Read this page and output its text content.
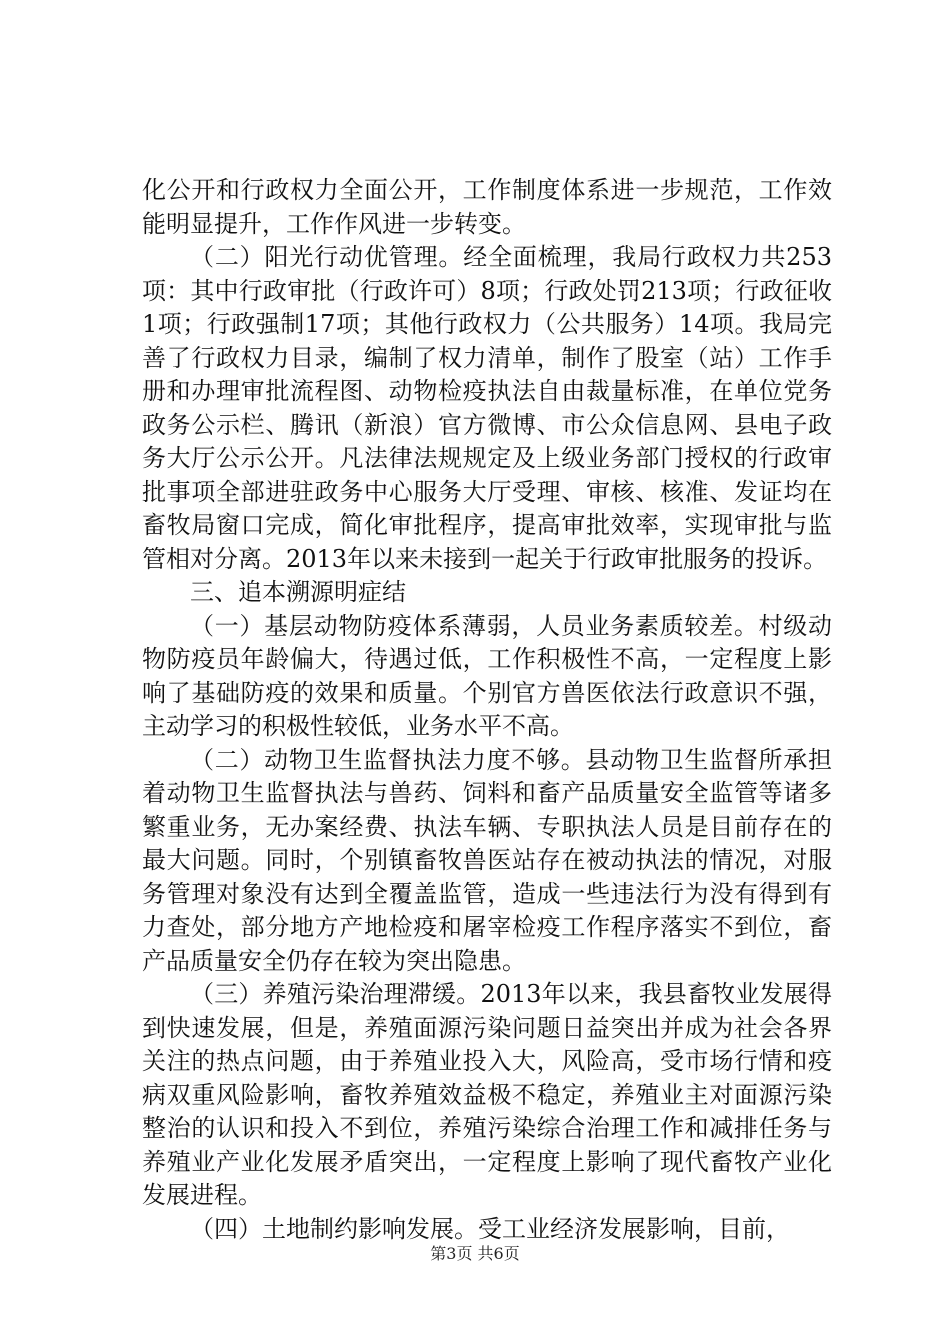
化公开和行政权力全面公开，工作制度体系进一步规范，工作效能明显提升，工作作风进一步转变。

（二）阳光行动优管理。经全面梳理，我局行政权力共253项：其中行政审批（行政许可）8项；行政处罚213项；行政征收1项；行政强制17项；其他行政权力（公共服务）14项。我局完善了行政权力目录，编制了权力清单，制作了股室（站）工作手册和办理审批流程图、动物检疫执法自由裁量标准，在单位党务政务公示栏、腾讯（新浪）官方微博、市公众信息网、县电子政务大厅公示公开。凡法律法规规定及上级业务部门授权的行政审批事项全部进驻政务中心服务大厅受理、审核、核准、发证均在畜牧局窗口完成，简化审批程序，提高审批效率，实现审批与监管相对分离。2013年以来未接到一起关于行政审批服务的投诉。

三、追本溯源明症结

（一）基层动物防疫体系薄弱，人员业务素质较差。村级动物防疫员年龄偏大，待遇过低，工作积极性不高，一定程度上影响了基础防疫的效果和质量。个别官方兽医依法行政意识不强，主动学习的积极性较低，业务水平不高。

（二）动物卫生监督执法力度不够。县动物卫生监督所承担着动物卫生监督执法与兽药、饲料和畜产品质量安全监管等诸多繁重业务，无办案经费、执法车辆、专职执法人员是目前存在的最大问题。同时，个别镇畜牧兽医站存在被动执法的情况，对服务管理对象没有达到全覆盖监管，造成一些违法行为没有得到有力查处，部分地方产地检疫和屠宰检疫工作程序落实不到位，畜产品质量安全仍存在较为突出隐患。

（三）养殖污染治理滞缓。2013年以来，我县畜牧业发展得到快速发展，但是，养殖面源污染问题日益突出并成为社会各界关注的热点问题，由于养殖业投入大，风险高，受市场行情和疫病双重风险影响，畜牧养殖效益极不稳定，养殖业主对面源污染整治的认识和投入不到位，养殖污染综合治理工作和减排任务与养殖业产业化发展矛盾突出，一定程度上影响了现代畜牧产业化发展进程。

（四）土地制约影响发展。受工业经济发展影响，目前，

第3页 共6页
